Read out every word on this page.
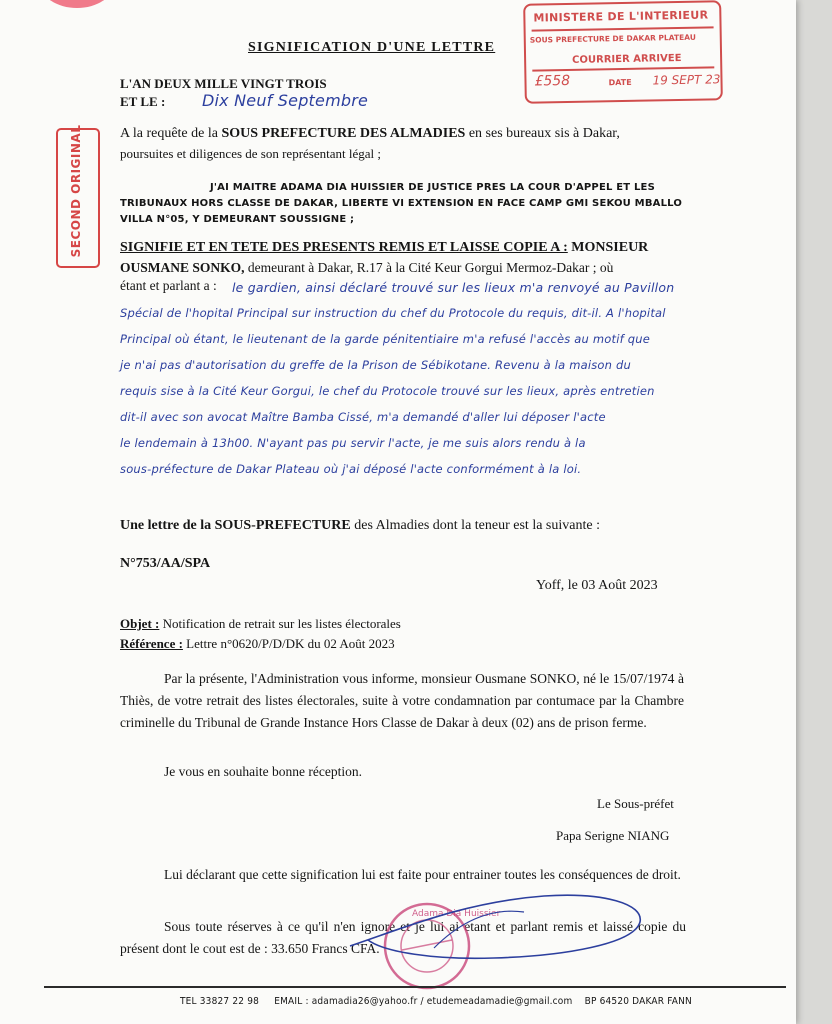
MINISTERE DE L'INTERIEUR
SOUS PREFECTURE DE DAKAR PLATEAU
COURRIER ARRIVEE
£558	DATE 19 SEPT 23
SECOND ORIGINAL
SIGNIFICATION D'UNE LETTRE
L'AN DEUX MILLE VINGT TROIS
ET LE : Dix Neuf Septembre
A la requête de la SOUS PREFECTURE DES ALMADIES en ses bureaux sis à Dakar,
poursuites et diligences de son représentant légal ;
J'AI MAITRE ADAMA DIA HUISSIER DE JUSTICE PRES LA COUR D'APPEL ET LES
TRIBUNAUX HORS CLASSE DE DAKAR, LIBERTE VI EXTENSION EN FACE CAMP GMI SEKOU MBALLO
VILLA N°05, Y DEMEURANT SOUSSIGNE ;
SIGNIFIE ET EN TETE DES PRESENTS REMIS ET LAISSE COPIE A : MONSIEUR
OUSMANE SONKO, demeurant à Dakar, R.17 à la Cité Keur Gorgui Mermoz-Dakar ; où
étant et parlant a : le gardien, ainsi déclaré trouvé sur les lieux m'a renvoyé au Pavillon
Spécial de l'hopital Principal sur instruction du chef du Protocole du requis, dit-il. A l'hopital
Principal où étant, le lieutenant de la garde pénitentiaire m'a refusé l'accès au motif que
je n'ai pas d'autorisation du greffe de la Prison de Sébikotane. Revenu à la maison du
requis sise à la Cité Keur Gorgui, le chef du Protocole trouvé sur les lieux, après entretien
dit-il avec son avocat Maître Bamba Cissé, m'a demandé d'aller lui déposer l'acte
le lendemain à 13h00. N'ayant pas pu servir l'acte, je me suis alors rendu à la
sous-préfecture de Dakar Plateau où j'ai déposé l'acte conformément à la loi.
Une lettre de la SOUS-PREFECTURE des Almadies dont la teneur est la suivante :
N°753/AA/SPA
Yoff, le 03 Août 2023
Objet : Notification de retrait sur les listes électorales
Référence : Lettre n°0620/P/D/DK du 02 Août 2023
Par la présente, l'Administration vous informe, monsieur Ousmane SONKO, né le 15/07/1974 à Thiès, de votre retrait des listes électorales, suite à votre condamnation par contumace par la Chambre criminelle du Tribunal de Grande Instance Hors Classe de Dakar à deux (02) ans de prison ferme.
Je vous en souhaite bonne réception.
Le Sous-préfet
Papa Serigne NIANG
Lui déclarant que cette signification lui est faite pour entrainer toutes les conséquences de droit.
Sous toute réserves à ce qu'il n'en ignore et je lui ai étant et parlant remis et laissé copie du présent dont le cout est de : 33.650 Francs CFA.
Adama Dia Huissier
TEL 33827 22 98 EMAIL : adamadia26@yahoo.fr / etudemeadamadie@gmail.com BP 64520 DAKAR FANN
